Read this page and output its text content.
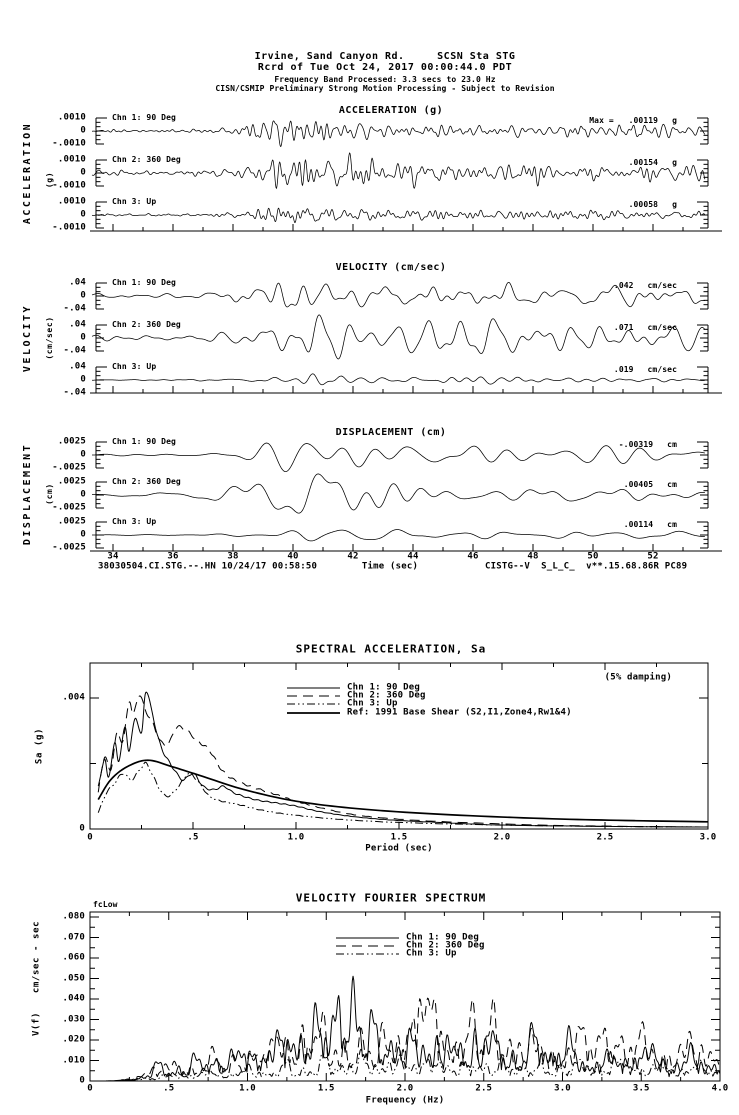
Irvine, Sand Canyon Rd.     SCSN Sta STG
Rcrd of Tue Oct 24, 2017 00:00:44.0 PDT
Frequency Band Processed: 3.3 secs to 23.0 Hz
CISN/CSMIP Preliminary Strong Motion Processing - Subject to Revision
ACCELERATION (g)
VELOCITY (cm/sec)
DISPLACEMENT (cm)
ACCELERATION (g)
VELOCITY (cm/sec)
DISPLACEMENT (cm)
Time (sec)
38030504.CI.STG.--.HN 10/24/17 00:58:50	CISTG--V  S_L_C_  v**.15.68.86R PC89
SPECTRAL ACCELERATION, Sa
(5% damping)
Sa (g)
Period (sec)
VELOCITY FOURIER SPECTRUM
fcLow
cm/sec - sec
V(f)
Frequency (Hz)
.0010
0
-.0010
Chn 1: 90 Deg	g
Max =   .00119
.0010
0
-.0010
Chn 2: 360 Deg	g
.00154
.0010
0
-.0010
Chn 3: Up	g
.00058
.04
0
-.04
Chn 1: 90 Deg	cm/sec
.042
.04
0
-.04
Chn 2: 360 Deg	cm/sec
.071
.04
0
-.04
Chn 3: Up	cm/sec
.019
.0025
0
-.0025
Chn 1: 90 Deg	cm
-.00319
.0025
0
-.0025
Chn 2: 360 Deg	cm
.00405
.0025
0
-.0025
Chn 3: Up	cm
.00114
34	36	38	40	42	44	46	48	50	52
Chn 1: 90 Deg
Chn 2: 360 Deg
Chn 3: Up
Ref: 1991 Base Shear (S2,I1,Zone4,Rw1&4)
.004
0
0	.5	1.0	1.5	2.0	2.5	3.0
Chn 1: 90 Deg
Chn 2: 360 Deg
Chn 3: Up
0
.010
.020
.030
.040
.050
.060
.070
.080
0	.5	1.0	1.5	2.0	2.5	3.0	3.5	4.0
